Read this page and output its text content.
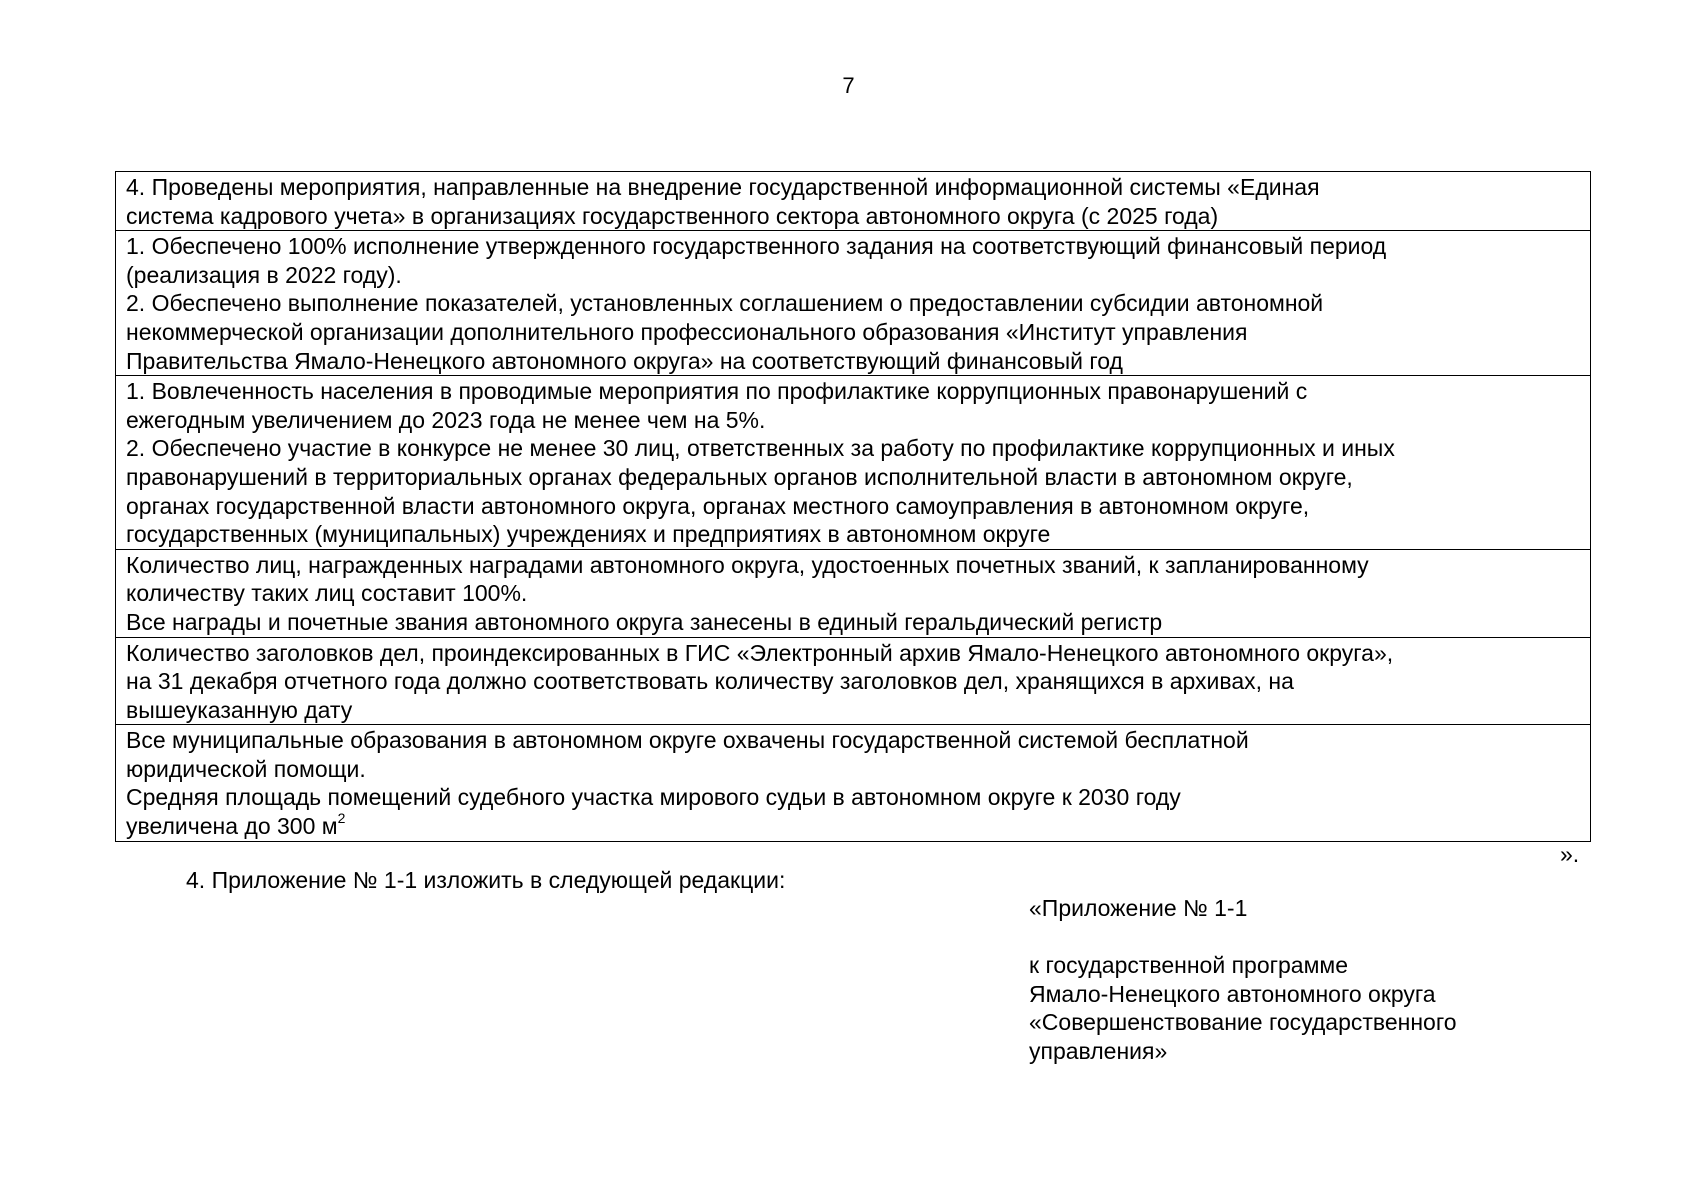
7
4. Проведены мероприятия, направленные на внедрение государственной информационной системы «Единая
система кадрового учета» в организациях государственного сектора автономного округа (с 2025 года)

1. Обеспечено 100% исполнение утвержденного государственного задания на соответствующий финансовый период
(реализация в 2022 году).
2. Обеспечено выполнение показателей, установленных соглашением о предоставлении субсидии автономной
некоммерческой организации дополнительного профессионального образования «Институт управления
Правительства Ямало-Ненецкого автономного округа» на соответствующий финансовый год

1. Вовлеченность населения в проводимые мероприятия по профилактике коррупционных правонарушений с
ежегодным увеличением до 2023 года не менее чем на 5%.
2. Обеспечено участие в конкурсе не менее 30 лиц, ответственных за работу по профилактике коррупционных и иных
правонарушений в территориальных органах федеральных органов исполнительной власти в автономном округе,
органах государственной власти автономного округа, органах местного самоуправления в автономном округе,
государственных (муниципальных) учреждениях и предприятиях в автономном округе

Количество лиц, награжденных наградами автономного округа, удостоенных почетных званий, к запланированному
количеству таких лиц составит 100%.
Все награды и почетные звания автономного округа занесены в единый геральдический регистр

Количество заголовков дел, проиндексированных в ГИС «Электронный архив Ямало-Ненецкого автономного округа»,
на 31 декабря отчетного года должно соответствовать количеству заголовков дел, хранящихся в архивах, на
вышеуказанную дату

Все муниципальные образования в автономном округе охвачены государственной системой бесплатной
юридической помощи.
Средняя площадь помещений судебного участка мирового судьи в автономном округе к 2030 году
увеличена до 300 $м^2$
».
4. Приложение № 1-1 изложить в следующей редакции:
«Приложение № 1-1
к государственной программе
Ямало-Ненецкого автономного округа
«Совершенствование государственного
управления»
